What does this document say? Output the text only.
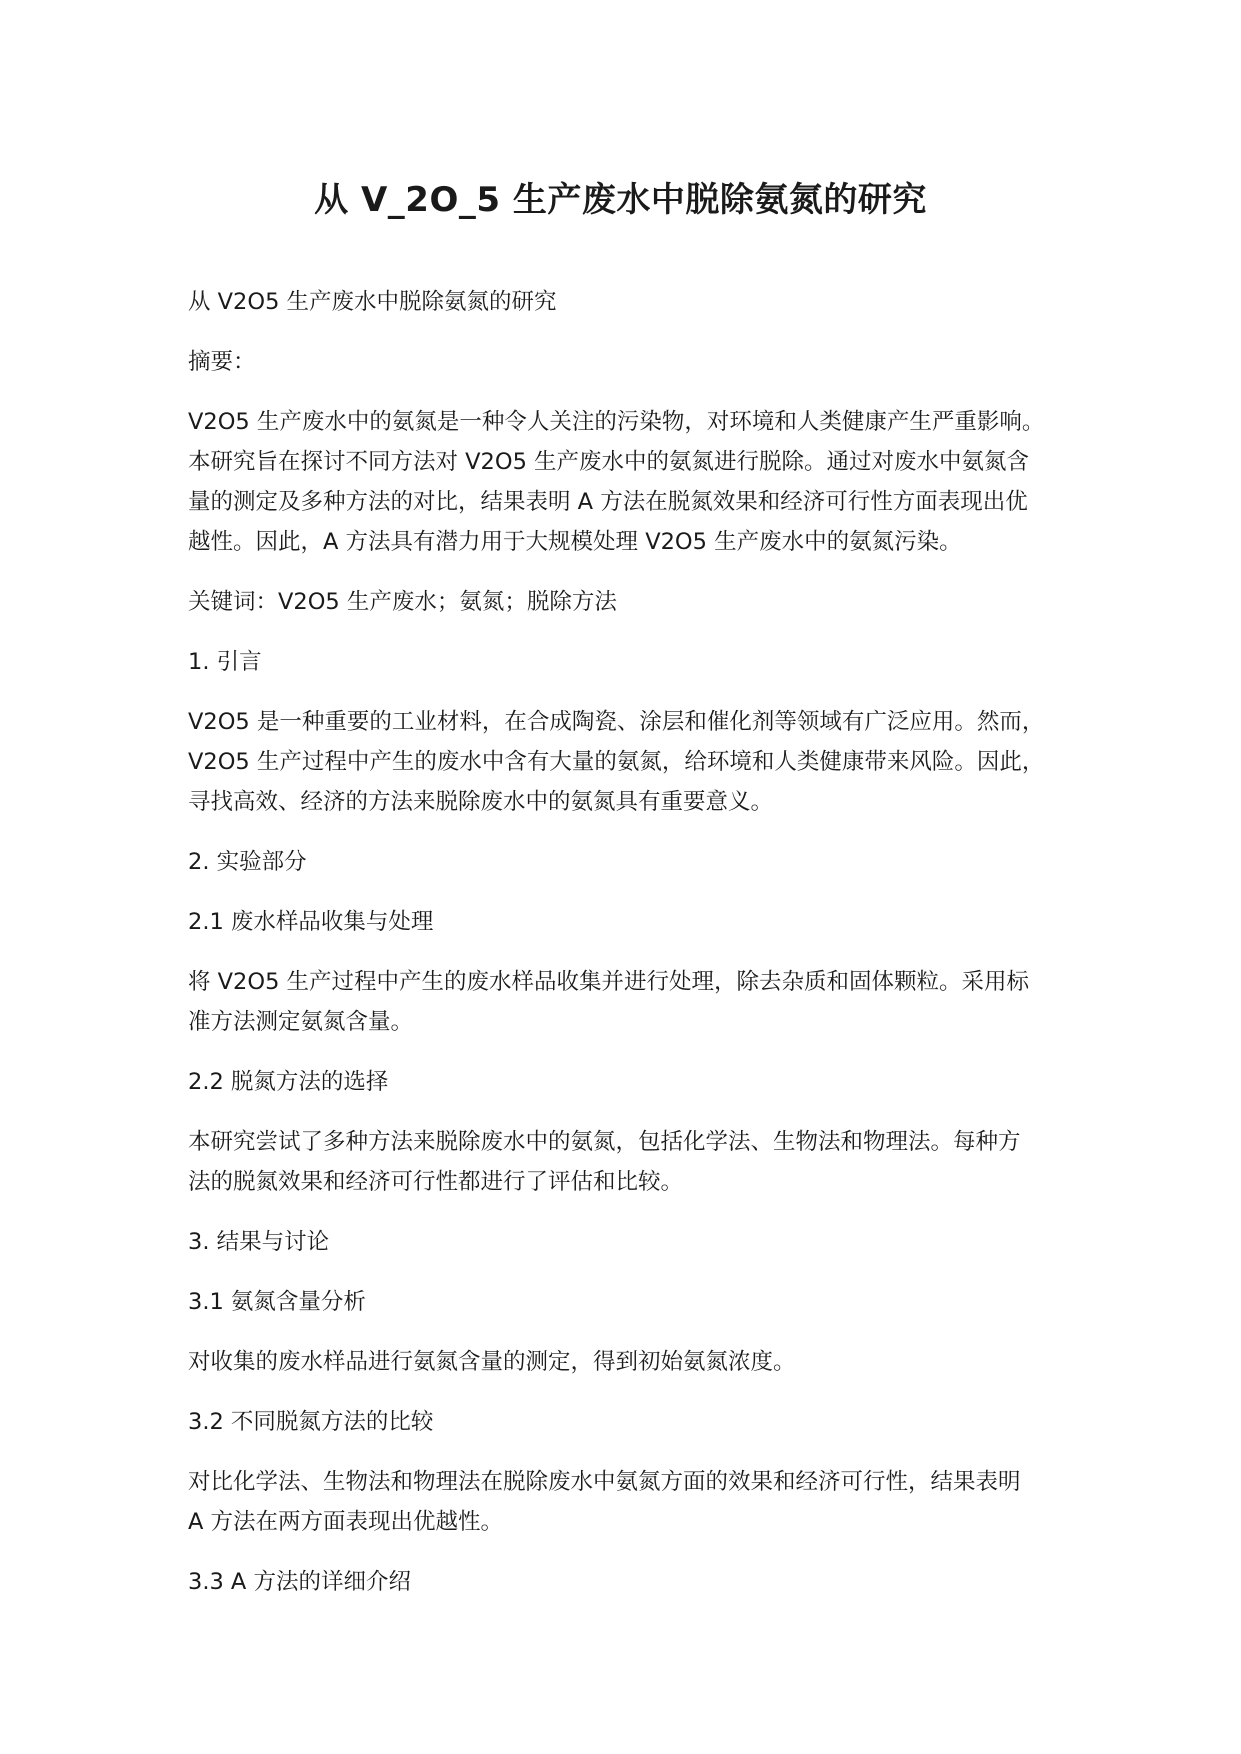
从 V_2O_5 生产废水中脱除氨氮的研究

从 V2O5 生产废水中脱除氨氮的研究

摘要：

V2O5 生产废水中的氨氮是一种令人关注的污染物，对环境和人类健康产生严重影响。
本研究旨在探讨不同方法对 V2O5 生产废水中的氨氮进行脱除。通过对废水中氨氮含
量的测定及多种方法的对比，结果表明 A 方法在脱氮效果和经济可行性方面表现出优
越性。因此，A 方法具有潜力用于大规模处理 V2O5 生产废水中的氨氮污染。

关键词：V2O5 生产废水；氨氮；脱除方法

1. 引言

V2O5 是一种重要的工业材料，在合成陶瓷、涂层和催化剂等领域有广泛应用。然而，
V2O5 生产过程中产生的废水中含有大量的氨氮，给环境和人类健康带来风险。因此，
寻找高效、经济的方法来脱除废水中的氨氮具有重要意义。

2. 实验部分

2.1 废水样品收集与处理

将 V2O5 生产过程中产生的废水样品收集并进行处理，除去杂质和固体颗粒。采用标
准方法测定氨氮含量。

2.2 脱氮方法的选择

本研究尝试了多种方法来脱除废水中的氨氮，包括化学法、生物法和物理法。每种方
法的脱氮效果和经济可行性都进行了评估和比较。

3. 结果与讨论

3.1 氨氮含量分析

对收集的废水样品进行氨氮含量的测定，得到初始氨氮浓度。

3.2 不同脱氮方法的比较

对比化学法、生物法和物理法在脱除废水中氨氮方面的效果和经济可行性，结果表明
A 方法在两方面表现出优越性。

3.3 A 方法的详细介绍
